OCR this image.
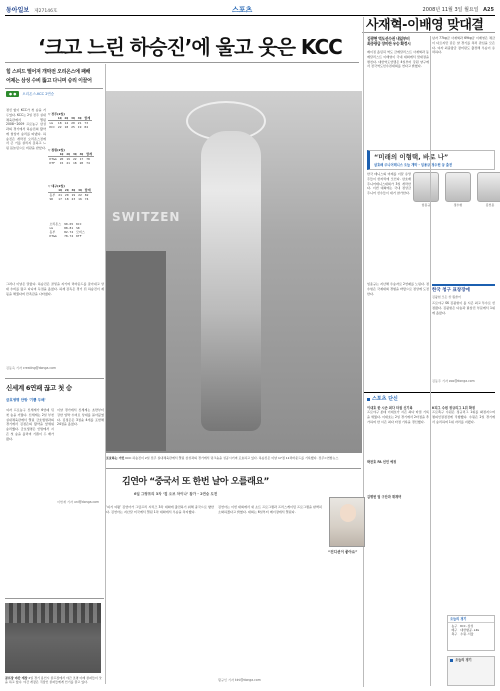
동아일보 제27146호	스포츠	2008년 11월 3일 월요일 A25
사재혁-이배영 맞대결
‘크고 느린 하승진’에 울고 웃은 KCC
힘 스피드 떨어져 개막전 오리온스에 패배
어제는 삼성 수비 뚫고 다니며 승리 이끌어
● ● 오리온스-KCC 2연승
▽ 전주(2일)
	1Q	2Q	3Q	4Q	합계
LG	18	14	20	21	73
KCC	22	18	25	19	84
▽ 창원(2일)
	1Q	2Q	3Q	4Q	합계
KT&G	20	19	22	17	78
KTF	15	21	18	20	74
▽ 대구(2일)
	1Q	2Q	3Q	4Q	합계
동부	21	20	19	22	82
SK	17	18	23	16	74
오리온스	90-65	KCC
LG	88-81	SK
동부	82-74	모비스
KT&G	78-74	KTF
정신 없이 KCC가 첫 승을 거두었다. KCC는 2일 전주 실내체육관에서 열린 2008~2009 프로농구 삼성과의 경기에서 하승진의 활약에 힘입어 승리를 따냈다. 하승진은 개막전 오리온스전에서 큰 키를 살리지 못하고 느린 몸놀림으로 비판을 받았다.
그러나 이날은 달랐다. 하승진은 골밑을 지키며 리바운드를 잡아내고 상대 수비를 뚫고 다니며 득점을 올렸다. 허재 감독은 경기 뒤 하승진이 제 몫을 해줬다며 만족감을 나타냈다.
김동욱 기자 creating@donga.com
SWITZEN
포효하는 거인 KCC 하승진이 2일 전주 실내체육관에서 열린 삼성과의 경기에서 덩크슛을 성공시키며 포효하고 있다. 하승진은 이날 17점 11리바운드를 기록했다. 전주=연합뉴스
신세계 6연패 끊고 첫 승
금호생명 안방 '기쁨 두배'
여자 프로농구 신세계가 6연패 뒤 첫 승을 거뒀다. 신세계는 2일 부천 실내체육관에서 열린 금호생명과의 경기에서 김정은의 활약을 앞세워 승리했다. 금호생명은 안방에서 시즌 첫 승을 올리며 기쁨이 두 배가 됐다.
이날 경기에서 신세계는 초반부터 강한 압박 수비로 상대를 몰아붙였다. 김정은은 3점슛 4개를 포함해 24점을 올렸다.
이헌재 기자 uni@donga.com
김연아 “중국서 또 한번 날아 오를래요”
6일 그랑프리 3차 ‘컵 오브 차이나’ 참가 - 2연승 도전
‘피겨 여왕’ 김연아가 그랑프리 시리즈 3차 대회에 출전하기 위해 중국으로 향한다. 김연아는 지난달 미국에서 열린 1차 대회에서 우승을 차지했다.
김연아는 이번 대회에서 새 쇼트 프로그램과 프리스케이팅 프로그램을 완벽히 소화하겠다고 밝혔다. 대회는 6일부터 베이징에서 열린다.
“컨디션이 좋아요”
황규인 기자 kini@donga.com
골프장 야간 개장 2일 경기 용인시 골프장에서 야간 조명 아래 골퍼들이 샷을 하고 있다. 야간 개장은 직장인 골퍼들에게 인기를 끌고 있다.
김광현 역도선수권 내일부터
최중량급 장미란 우승 확정시
베이징 올림픽 역도 금메달리스트 사재혁과 동메달리스트 이배영이 국내 대회에서 맞대결을 펼친다. 대한역도연맹은 4일부터 강원 양구에서 전국역도선수권대회를 연다고 밝혔다.
남자 77kg급 사재혁과 69kg급 이배영은 체급이 다르지만 같은 날 경기를 치러 관심을 모은다. 여자 최중량급 장미란도 출전해 우승이 유력하다.
“미래의 이형택, 바로 나”
삼호배 주니어테니스 오늘 개막 - 임용규·정수현 등 출전
한국 테니스의 미래를 이끌 유망주들이 한자리에 모인다. 삼호배 주니어테니스대회가 3일 개막한다. 이번 대회에는 국내 정상급 주니어 선수들이 대거 참가한다.
임용규	정수현	김선용
임용규는 지난해 우승자로 2연패를 노린다. 정수현은 국제대회 경험을 바탕으로 정상에 도전한다.
한국 청구 표창장에
김광현 모든 상 휩쓸어
프로야구 SK 김광현이 올 시즌 최고 투수로 선정됐다. 김광현은 다승과 탈삼진 부문에서 1위에 올랐다.
김동주 기자 zoo@donga.com
스포츠 단신
이대호 한 시즌 최다 타점 신기록
프로야구 롯데 이대호가 시즌 최다 타점 기록을 세웠다. 이대호는 2일 경기에서 2타점을 추가하며 한 시즌 최다 타점 기록을 경신했다.
박찬호 FA 선언 예정
김병현 팀 구단과 재계약
K리그 수원 정규리그 1위 확정
프로축구 수원은 정규리그 1위를 확정지으며 챔피언결정전에 직행했다. 수원은 2일 경기에서 승리하며 1위 자리를 지켰다.
오늘의 경기
농구	KCC-삼성
배구	대한항공-LIG
축구	수원-서울
오늘의 경기
